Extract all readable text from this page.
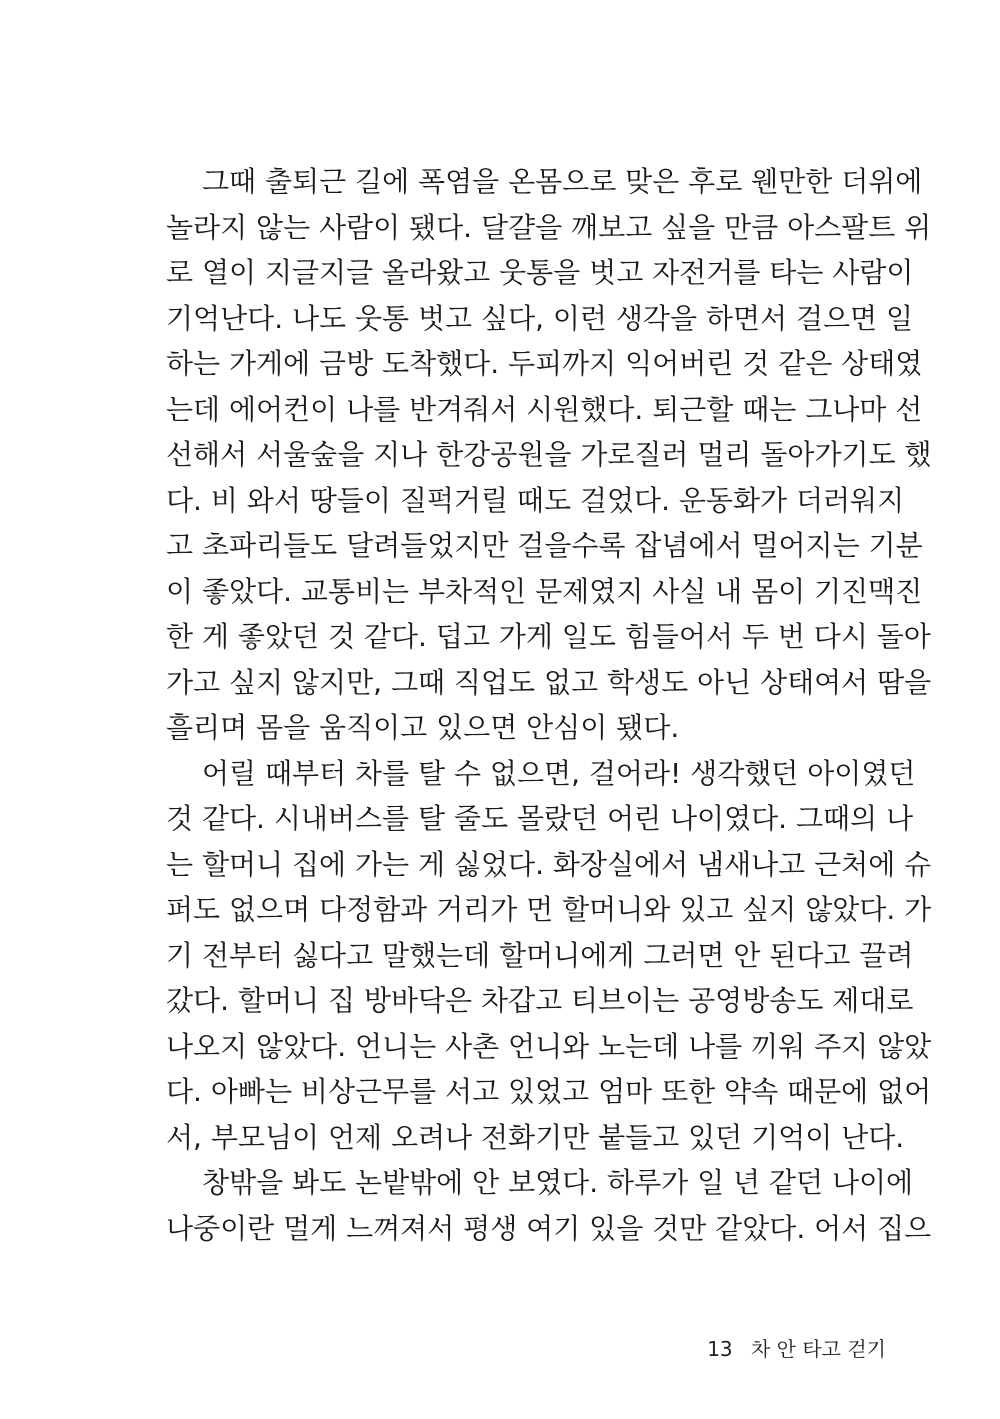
그때 출퇴근 길에 폭염을 온몸으로 맞은 후로 웬만한 더위에
놀라지 않는 사람이 됐다. 달걀을 깨보고 싶을 만큼 아스팔트 위
로 열이 지글지글 올라왔고 웃통을 벗고 자전거를 타는 사람이
기억난다. 나도 웃통 벗고 싶다, 이런 생각을 하면서 걸으면 일
하는 가게에 금방 도착했다. 두피까지 익어버린 것 같은 상태였
는데 에어컨이 나를 반겨줘서 시원했다. 퇴근할 때는 그나마 선
선해서 서울숲을 지나 한강공원을 가로질러 멀리 돌아가기도 했
다. 비 와서 땅들이 질퍽거릴 때도 걸었다. 운동화가 더러워지
고 초파리들도 달려들었지만 걸을수록 잡념에서 멀어지는 기분
이 좋았다. 교통비는 부차적인 문제였지 사실 내 몸이 기진맥진
한 게 좋았던 것 같다. 덥고 가게 일도 힘들어서 두 번 다시 돌아
가고 싶지 않지만, 그때 직업도 없고 학생도 아닌 상태여서 땀을
흘리며 몸을 움직이고 있으면 안심이 됐다.
어릴 때부터 차를 탈 수 없으면, 걸어라! 생각했던 아이였던
것 같다. 시내버스를 탈 줄도 몰랐던 어린 나이였다. 그때의 나
는 할머니 집에 가는 게 싫었다. 화장실에서 냄새나고 근처에 슈
퍼도 없으며 다정함과 거리가 먼 할머니와 있고 싶지 않았다. 가
기 전부터 싫다고 말했는데 할머니에게 그러면 안 된다고 끌려
갔다. 할머니 집 방바닥은 차갑고 티브이는 공영방송도 제대로
나오지 않았다. 언니는 사촌 언니와 노는데 나를 끼워 주지 않았
다. 아빠는 비상근무를 서고 있었고 엄마 또한 약속 때문에 없어
서, 부모님이 언제 오려나 전화기만 붙들고 있던 기억이 난다.
창밖을 봐도 논밭밖에 안 보였다. 하루가 일 년 같던 나이에
나중이란 멀게 느껴져서 평생 여기 있을 것만 같았다. 어서 집으
13 차 안 타고 걷기
